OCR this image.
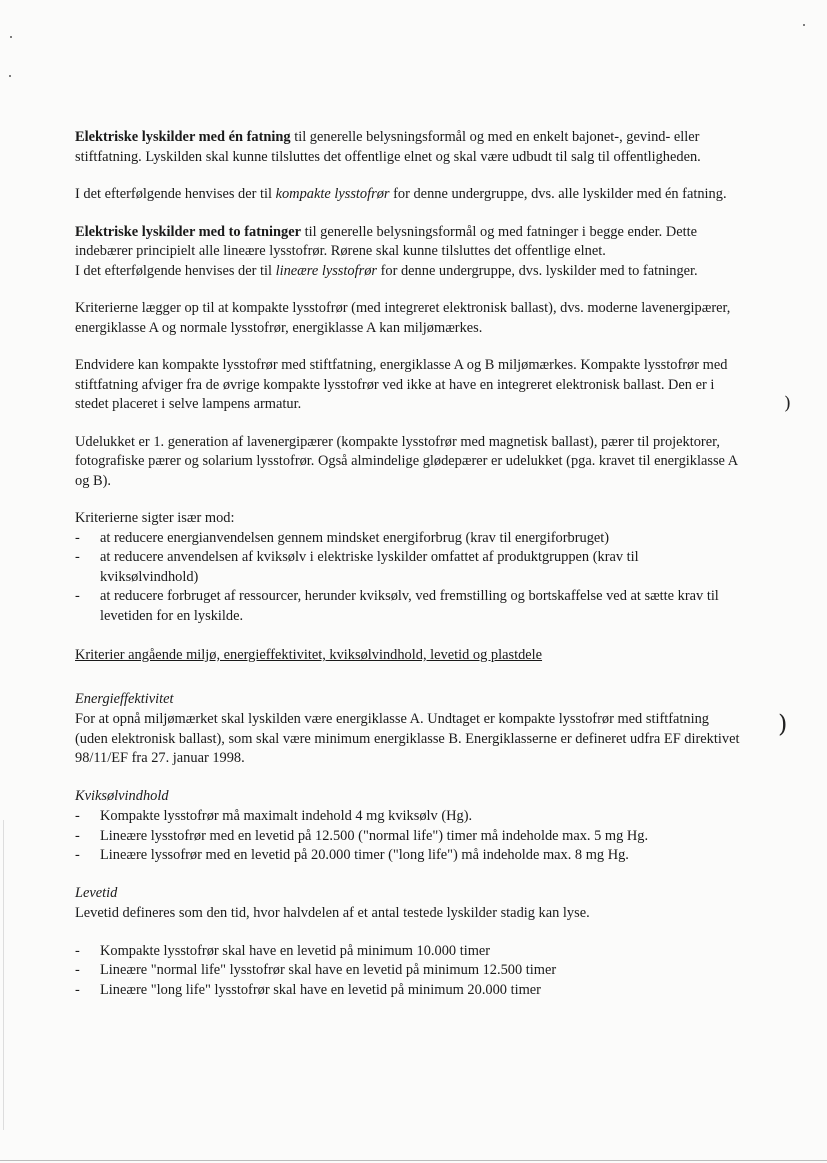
)
)

Elektriske lyskilder med én fatning til generelle belysningsformål og med en enkelt bajonet-, gevind- eller stiftfatning. Lyskilden skal kunne tilsluttes det offentlige elnet og skal være udbudt til salg til offentligheden.

I det efterfølgende henvises der til kompakte lysstofrør for denne undergruppe, dvs. alle lyskilder med én fatning.

Elektriske lyskilder med to fatninger til generelle belysningsformål og med fatninger i begge ender. Dette indebærer principielt alle lineære lysstofrør. Rørene skal kunne tilsluttes det offentlige elnet.
I det efterfølgende henvises der til lineære lysstofrør for denne undergruppe, dvs. lyskilder med to fatninger.

Kriterierne lægger op til at kompakte lysstofrør (med integreret elektronisk ballast), dvs. moderne lavenergipærer, energiklasse A og normale lysstofrør, energiklasse A kan miljømærkes.

Endvidere kan kompakte lysstofrør med stiftfatning, energiklasse A og B miljømærkes. Kompakte lysstofrør med stiftfatning afviger fra de øvrige kompakte lysstofrør ved ikke at have en integreret elektronisk ballast. Den er i stedet placeret i selve lampens armatur.

Udelukket er 1. generation af lavenergipærer (kompakte lysstofrør med magnetisk ballast), pærer til projektorer, fotografiske pærer og solarium lysstofrør. Også almindelige glødepærer er udelukket (pga. kravet til energiklasse A og B).

Kriterierne sigter især mod:
- at reducere energianvendelsen gennem mindsket energiforbrug (krav til energiforbruget)
- at reducere anvendelsen af kviksølv i elektriske lyskilder omfattet af produktgruppen (krav til kviksølvindhold)
- at reducere forbruget af ressourcer, herunder kviksølv, ved fremstilling og bortskaffelse ved at sætte krav til levetiden for en lyskilde.
Kriterier angående miljø, energieffektivitet, kviksølvindhold, levetid og plastdele
Energieffektivitet
For at opnå miljømærket skal lyskilden være energiklasse A. Undtaget er kompakte lysstofrør med stiftfatning (uden elektronisk ballast), som skal være minimum energiklasse B. Energiklasserne er defineret udfra EF direktivet 98/11/EF fra 27. januar 1998.
Kviksølvindhold
- Kompakte lysstofrør må maximalt indehold 4 mg kviksølv (Hg).
- Lineære lysstofrør med en levetid på 12.500 ("normal life") timer må indeholde max. 5 mg Hg.
- Lineære lyssofrør med en levetid på 20.000 timer ("long life") må indeholde max. 8 mg Hg.
Levetid
Levetid defineres som den tid, hvor halvdelen af et antal testede lyskilder stadig kan lyse.
- Kompakte lysstofrør skal have en levetid på minimum 10.000 timer
- Lineære "normal life" lysstofrør skal have en levetid på minimum 12.500 timer
- Lineære "long life" lysstofrør skal have en levetid på minimum 20.000 timer
